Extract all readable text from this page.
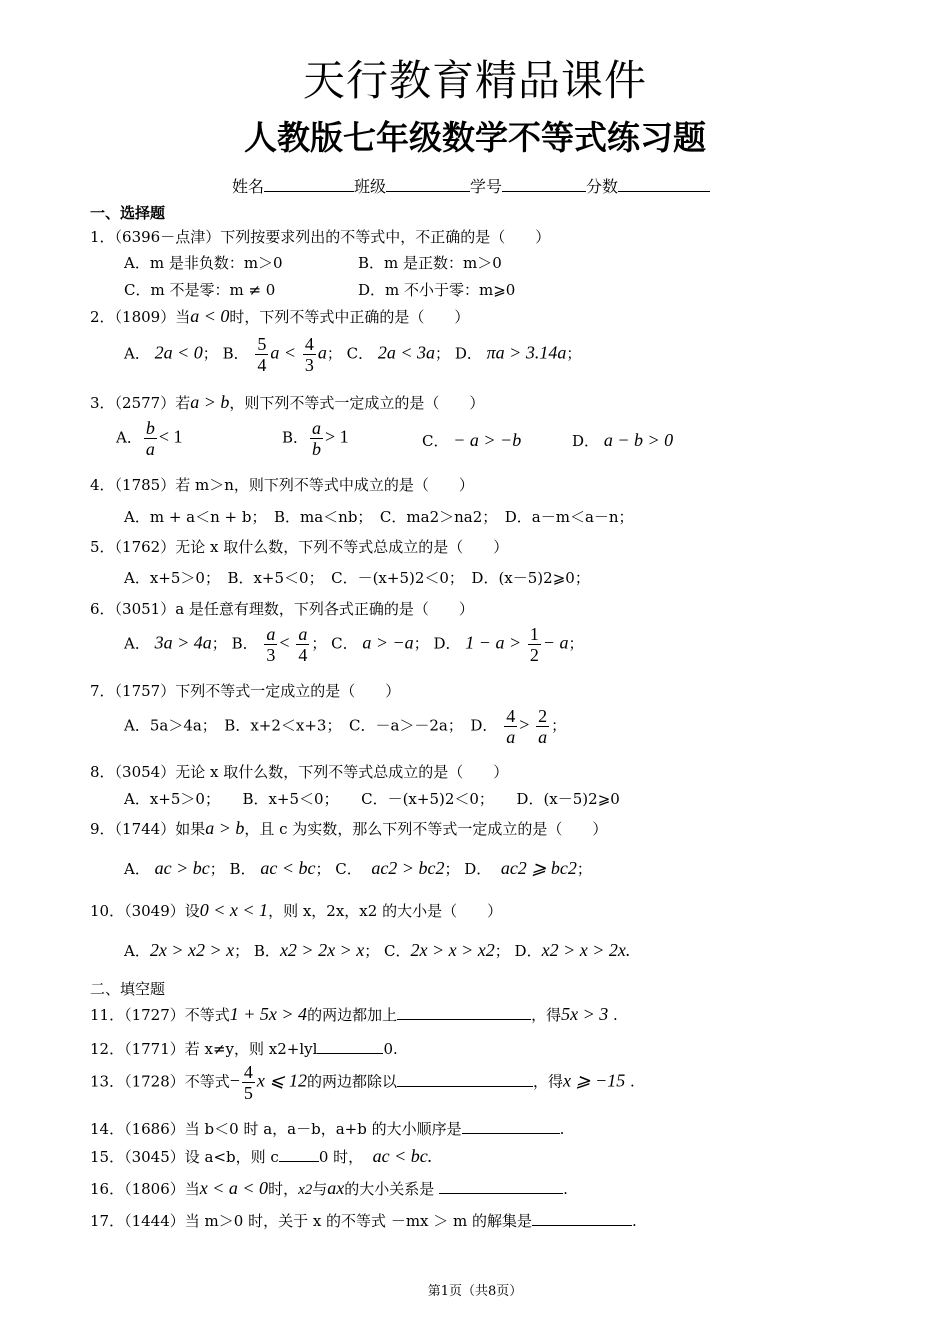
天行教育精品课件
人教版七年级数学不等式练习题
姓名	班级	学号	分数
一、选择题
1．（6396－点津）下列按要求列出的不等式中，不正确的是（　　）
A．m 是非负数：m＞0	B．m 是正数：m＞0
C．m 不是零：m ≠ 0	D．m 不小于零：m⩾0
2．（1809）当a < 0时，下列不等式中正确的是（　　）
A． 2a < 0； B． $\frac{5}{4}$ $a < \frac{4}{3}$ a； C． 2a < 3a； D． πa > 3.14a；
3．（2577）若a > b，则下列不等式一定成立的是（　　）
A． $\frac{b}{a} < 1$	B． $\frac{a}{b} > 1$	C． − a > −b	D． a − b > 0
4．（1785）若 m＞n，则下列不等式中成立的是（　　）
A．m + a＜n + b；　B．ma＜nb；　C．ma2＞na2；　D．a－m＜a－n；
5．（1762）无论 x 取什么数，下列不等式总成立的是（　　）
A．x+5＞0；　B．x+5＜0；　C．－(x+5)2＜0；　D．(x－5)2⩾0；
6．（3051）a 是任意有理数，下列各式正确的是（　　）
A． 3a > 4a； B． $\frac{a}{3} < \frac{a}{4}$ ； C． a > −a； D． $1 - a > \frac{1}{2} - a$；
7．（1757）下列不等式一定成立的是（　　）
A．5a＞4a；　B．x+2＜x+3；　C．－a＞－2a；　D． $\frac{4}{a} > \frac{2}{a}$ ；
8．（3054）无论 x 取什么数，下列不等式总成立的是（　　）
A．x+5＞0；　　B．x+5＜0；　　C．－(x+5)2＜0；　　D．(x－5)2⩾0
9．（1744）如果a > b，且 c 为实数，那么下列不等式一定成立的是（　　）
A． ac > bc； B． ac < bc； C． ac2 > bc2； D． ac2 ⩾ bc2；
10．（3049）设0 < x < 1，则 x，2x，x2 的大小是（　　）
A．2x > x2 > x； B．x2 > 2x > x； C．2x > x > x2； D．x2 > x > 2x.
二、填空题
11．（1727）不等式1 + 5x > 4的两边都加上	，得5x > 3 .
12．（1771）若 x≠y，则 x2+lyl	0.
13．（1728）不等式− $\frac{4}{5}$ x ⩽ 12的两边都除以	，得x ⩾ −15 .
14．（1686）当 b＜0 时 a，a－b，a+b 的大小顺序是	.
15．（3045）设 a<b，则 c	0 时， ac < bc.
16．（1806）当x < a < 0时，x2与ax的大小关系是	.
17．（1444）当 m＞0 时，关于 x 的不等式 －mx ＞ m 的解集是	.
第1页（共8页）
